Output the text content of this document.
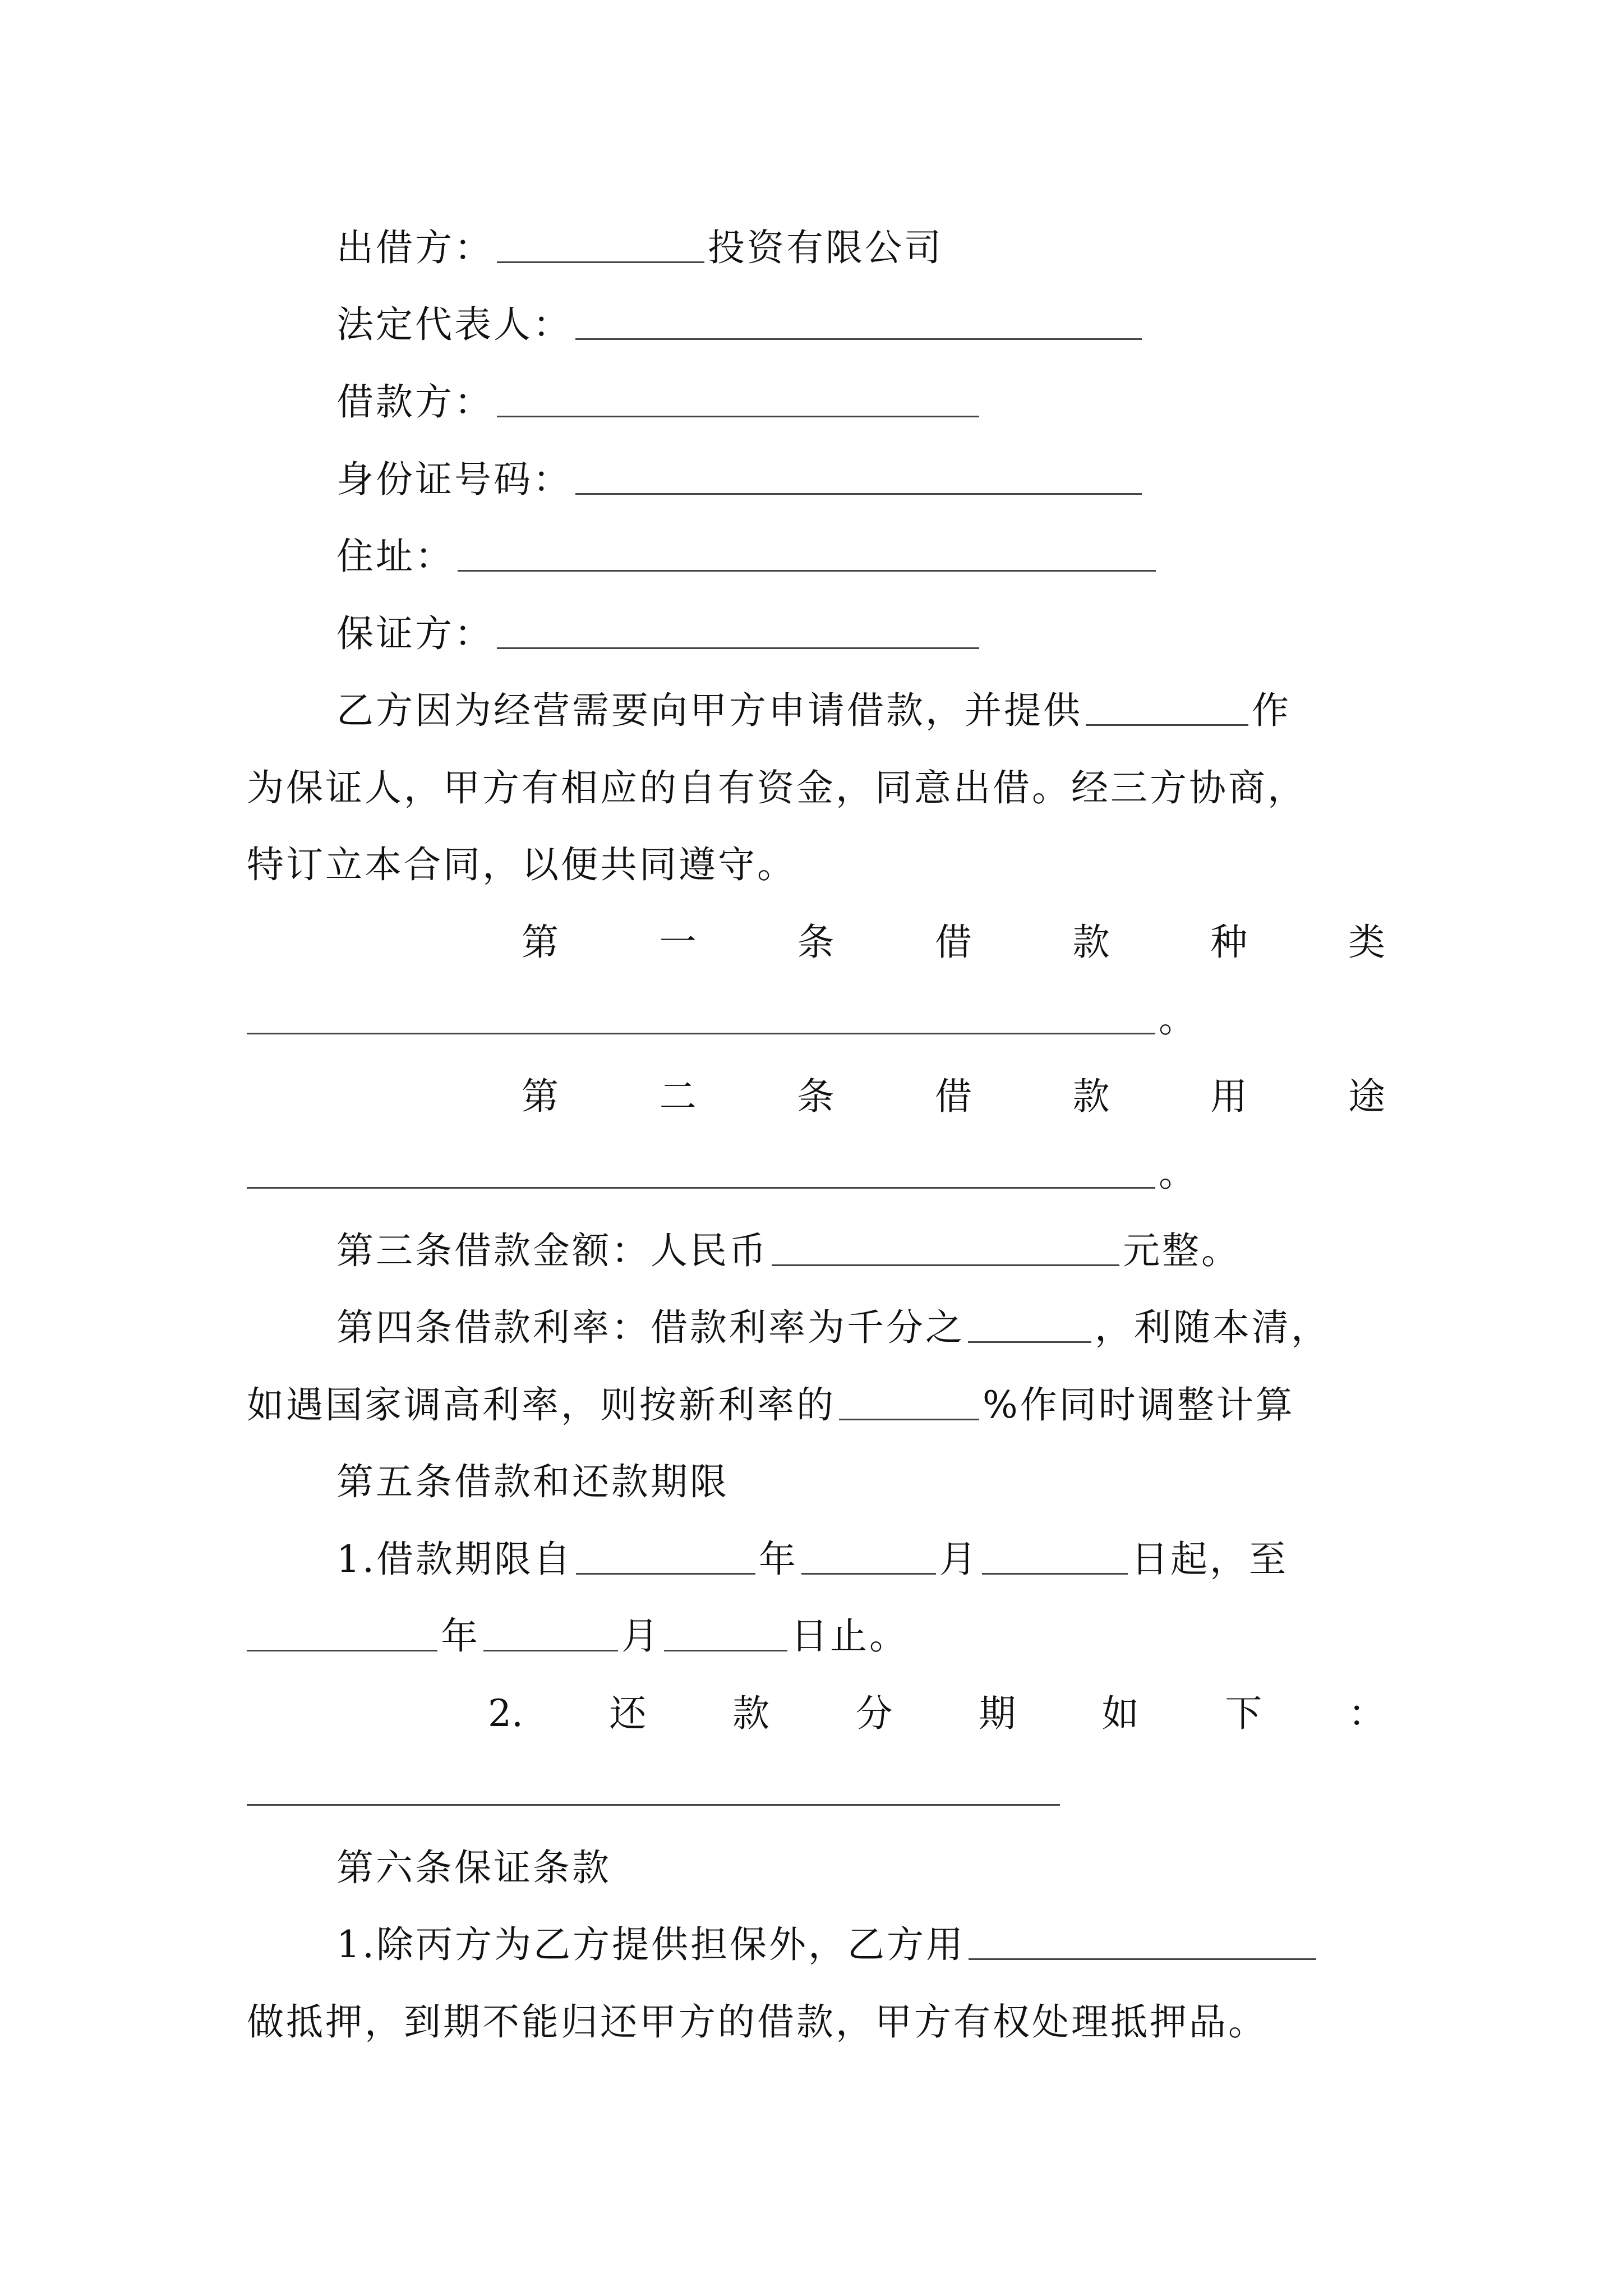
出借方：	投资有限公司
法定代表人：
借款方：
身份证号码：
住址：
保证方：
乙方因为经营需要向甲方申请借款，并提供	作
为保证人，甲方有相应的自有资金，同意出借。经三方协商，
特订立本合同，以便共同遵守。
第	一	条	借	款	种	类
。
第	二	条	借	款	用	途
。
第三条借款金额：人民币	元整。
第四条借款利率：借款利率为千分之	，利随本清，
如遇国家调高利率，则按新利率的	%作同时调整计算
第五条借款和还款期限
1.借款期限自	年	月	日起，至
年	月	日止。
2. 还 款 分 期 如 下 ：
第六条保证条款
1.除丙方为乙方提供担保外，乙方用
做抵押，到期不能归还甲方的借款，甲方有权处理抵押品。
